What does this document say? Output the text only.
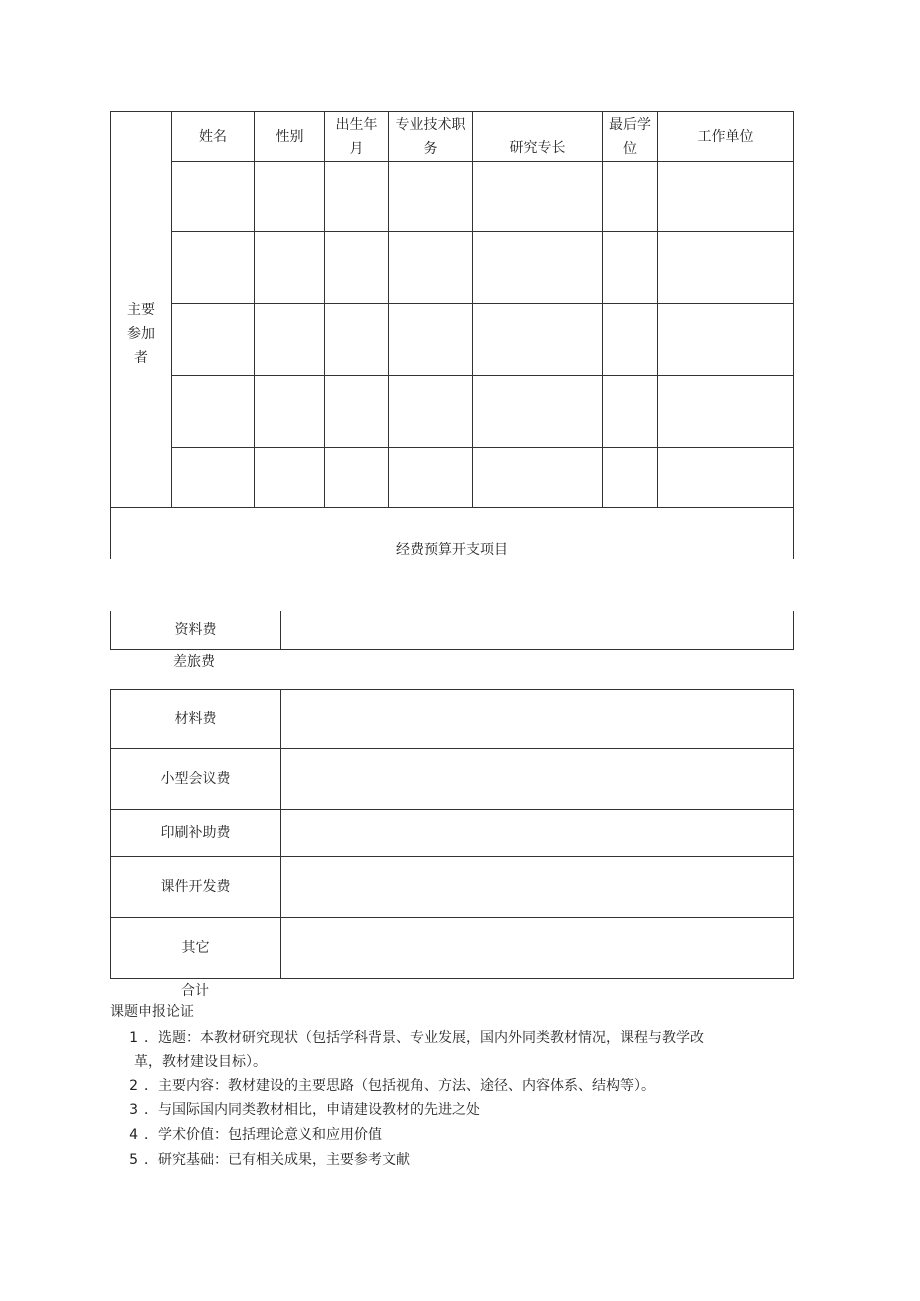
主要
参加
者
姓名	性别
出生年
月
专业技术职
务	研究专长
最后学
位
工作单位
经费预算开支项目
资料费
差旅费
材料费
小型会议费
印刷补助费
课件开发费
其它
合计
课题申报论证
1 ．选题：本教材研究现状（包括学科背景、专业发展，国内外同类教材情况，课程与教学改
革，教材建设目标）。
2 ．主要内容：教材建设的主要思路（包括视角、方法、途径、内容体系、结构等）。
3 ．与国际国内同类教材相比，申请建设教材的先进之处
4 ．学术价值：包括理论意义和应用价值
5 ．研究基础：已有相关成果，主要参考文献
